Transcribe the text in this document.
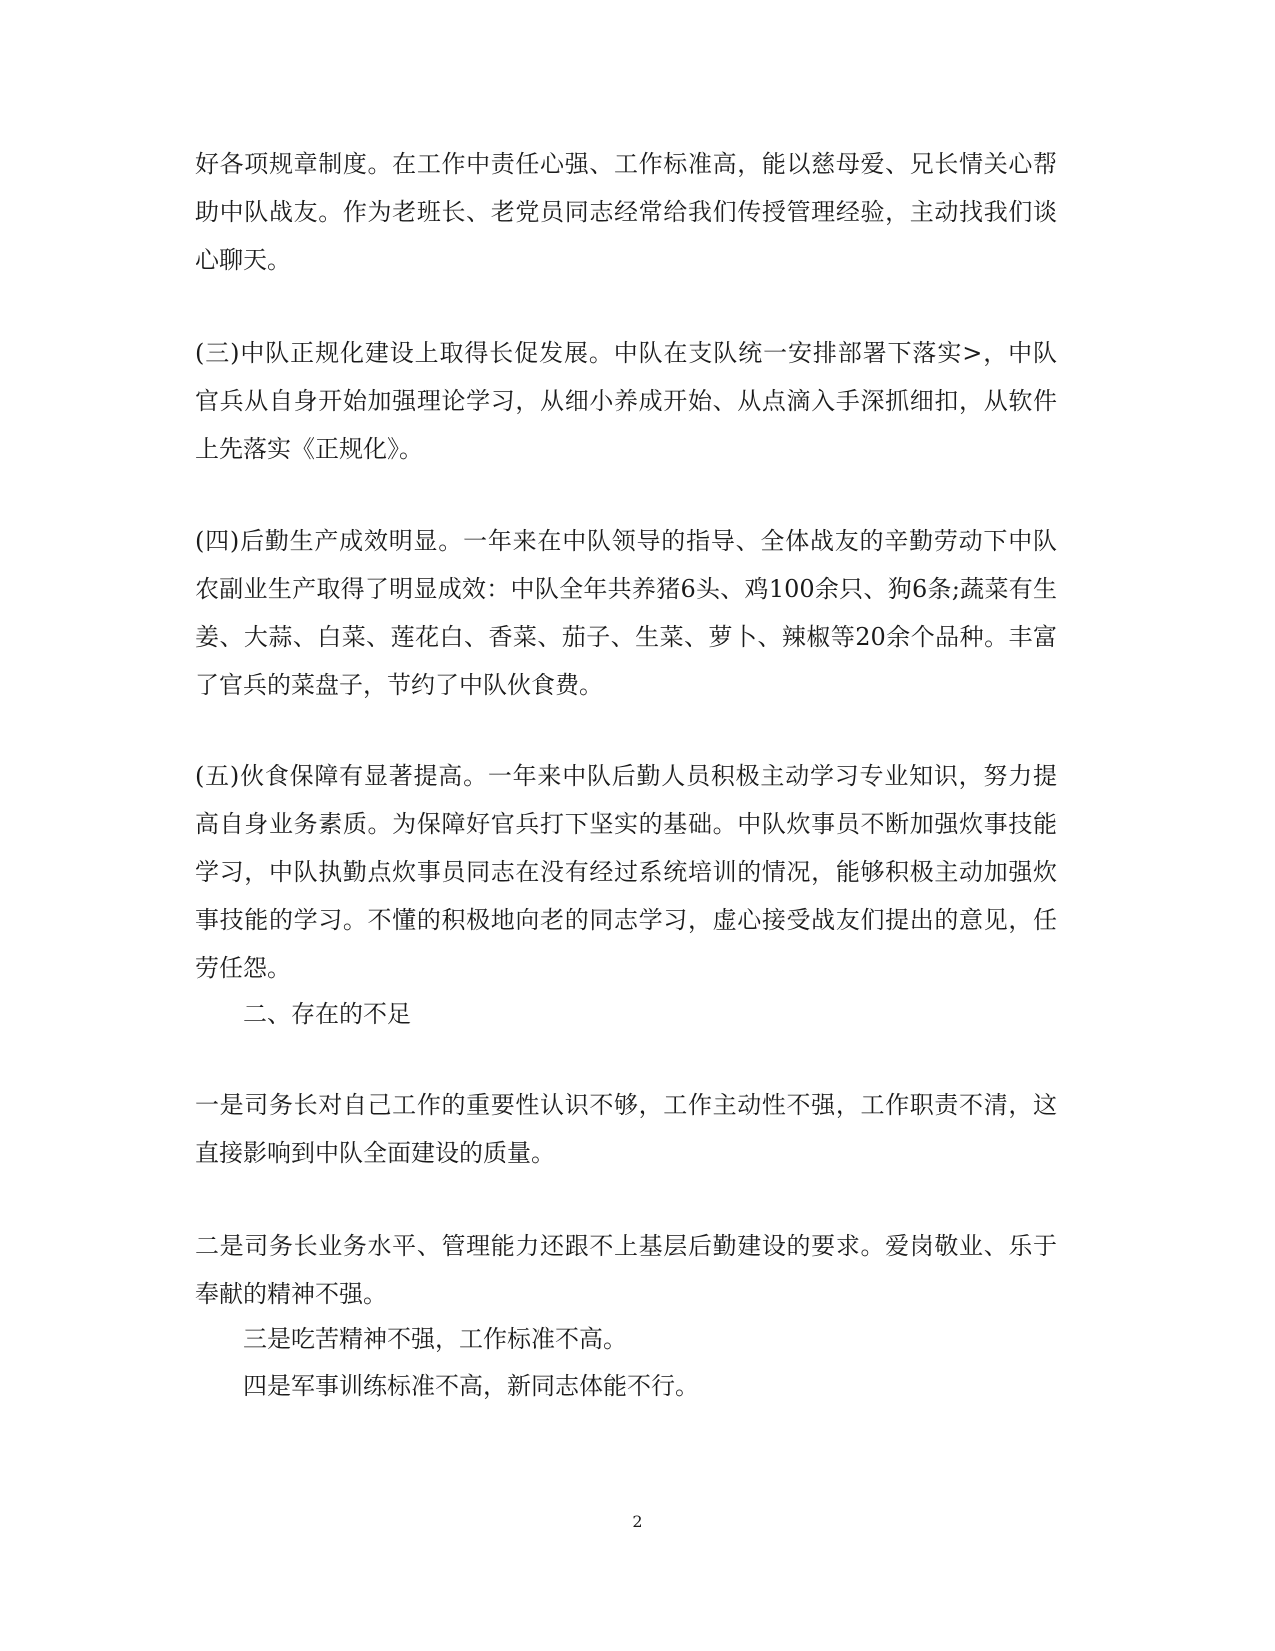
好各项规章制度。在工作中责任心强、工作标准高，能以慈母爱、兄长情关心帮
助中队战友。作为老班长、老党员同志经常给我们传授管理经验，主动找我们谈
心聊天。
(三)中队正规化建设上取得长促发展。中队在支队统一安排部署下落实>，中队
官兵从自身开始加强理论学习，从细小养成开始、从点滴入手深抓细扣，从软件
上先落实《正规化》。
(四)后勤生产成效明显。一年来在中队领导的指导、全体战友的辛勤劳动下中队
农副业生产取得了明显成效：中队全年共养猪6头、鸡100余只、狗6条;蔬菜有生
姜、大蒜、白菜、莲花白、香菜、茄子、生菜、萝卜、辣椒等20余个品种。丰富
了官兵的菜盘子，节约了中队伙食费。
(五)伙食保障有显著提高。一年来中队后勤人员积极主动学习专业知识，努力提
高自身业务素质。为保障好官兵打下坚实的基础。中队炊事员不断加强炊事技能
学习，中队执勤点炊事员同志在没有经过系统培训的情况，能够积极主动加强炊
事技能的学习。不懂的积极地向老的同志学习，虚心接受战友们提出的意见，任
劳任怨。

二、存在的不足

一是司务长对自己工作的重要性认识不够，工作主动性不强，工作职责不清，这
直接影响到中队全面建设的质量。
二是司务长业务水平、管理能力还跟不上基层后勤建设的要求。爱岗敬业、乐于
奉献的精神不强。

三是吃苦精神不强，工作标准不高。

四是军事训练标准不高，新同志体能不行。

2
